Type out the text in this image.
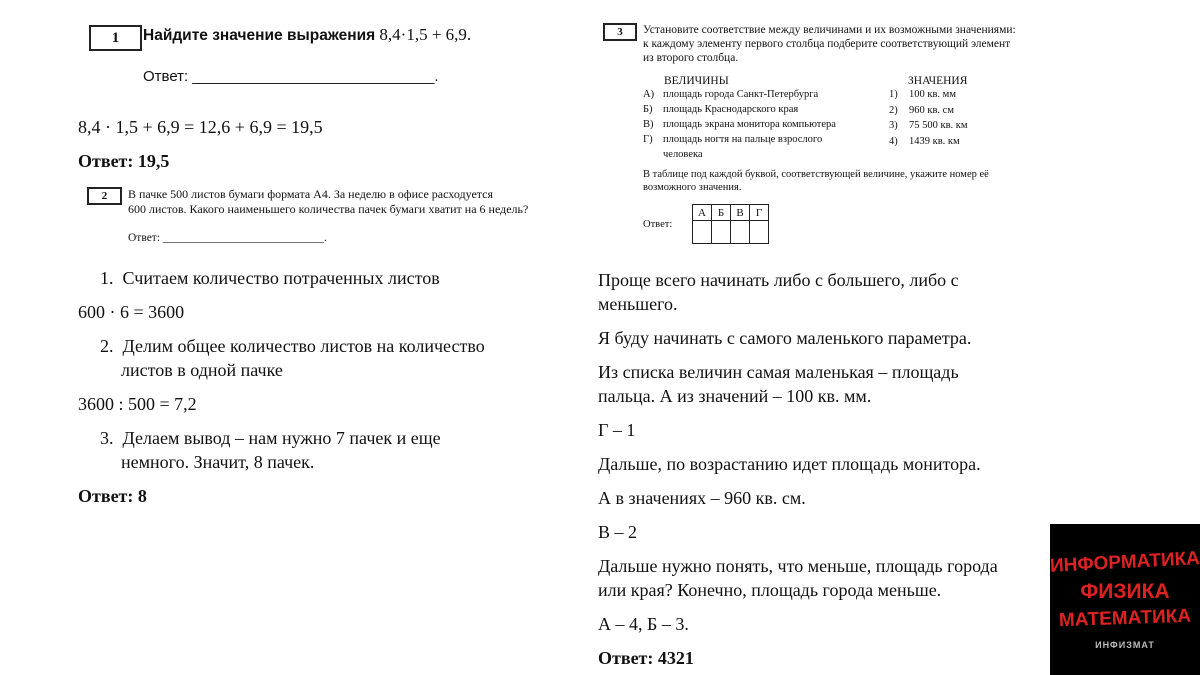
1	Найдите значение выражения 8,4·1,5 + 6,9.
Ответ: _____________________________.
8,4 · 1,5 + 6,9 = 12,6 + 6,9 = 19,5
Ответ: 19,5
2	В пачке 500 листов бумаги формата А4. За неделю в офисе расходуется
600 листов. Какого наименьшего количества пачек бумаги хватит на 6 недель?
Ответ: ____________________________.
1. Считаем количество потраченных листов
600 · 6 = 3600
2. Делим общее количество листов на количество
листов в одной пачке
3600 : 500 = 7,2
3. Делаем вывод – нам нужно 7 пачек и еще
немного. Значит, 8 пачек.
Ответ: 8
3	Установите соответствие между величинами и их возможными значениями:
к каждому элементу первого столбца подберите соответствующий элемент
из второго столбца.
ВЕЛИЧИНЫ	ЗНАЧЕНИЯ
А) площадь города Санкт-Петербурга
Б) площадь Краснодарского края
В) площадь экрана монитора компьютера
Г) площадь ногтя на пальце взрослого
человека
1) 100 кв. мм
2) 960 кв. см
3) 75 500 кв. км
4) 1439 кв. км
В таблице под каждой буквой, соответствующей величине, укажите номер её
возможного значения.
Ответ:
А	Б	В	Г

Проще всего начинать либо с большего, либо с
меньшего.
Я буду начинать с самого маленького параметра.
Из списка величин самая маленькая – площадь
пальца. А из значений – 100 кв. мм.
Г – 1
Дальше, по возрастанию идет площадь монитора.
А в значениях – 960 кв. см.
В – 2
Дальше нужно понять, что меньше, площадь города
или края? Конечно, площадь города меньше.
А – 4, Б – 3.
Ответ: 4321
ИНФОРМАТИКА
ФИЗИКА
МАТЕМАТИКА
ИНФИЗМАТ
